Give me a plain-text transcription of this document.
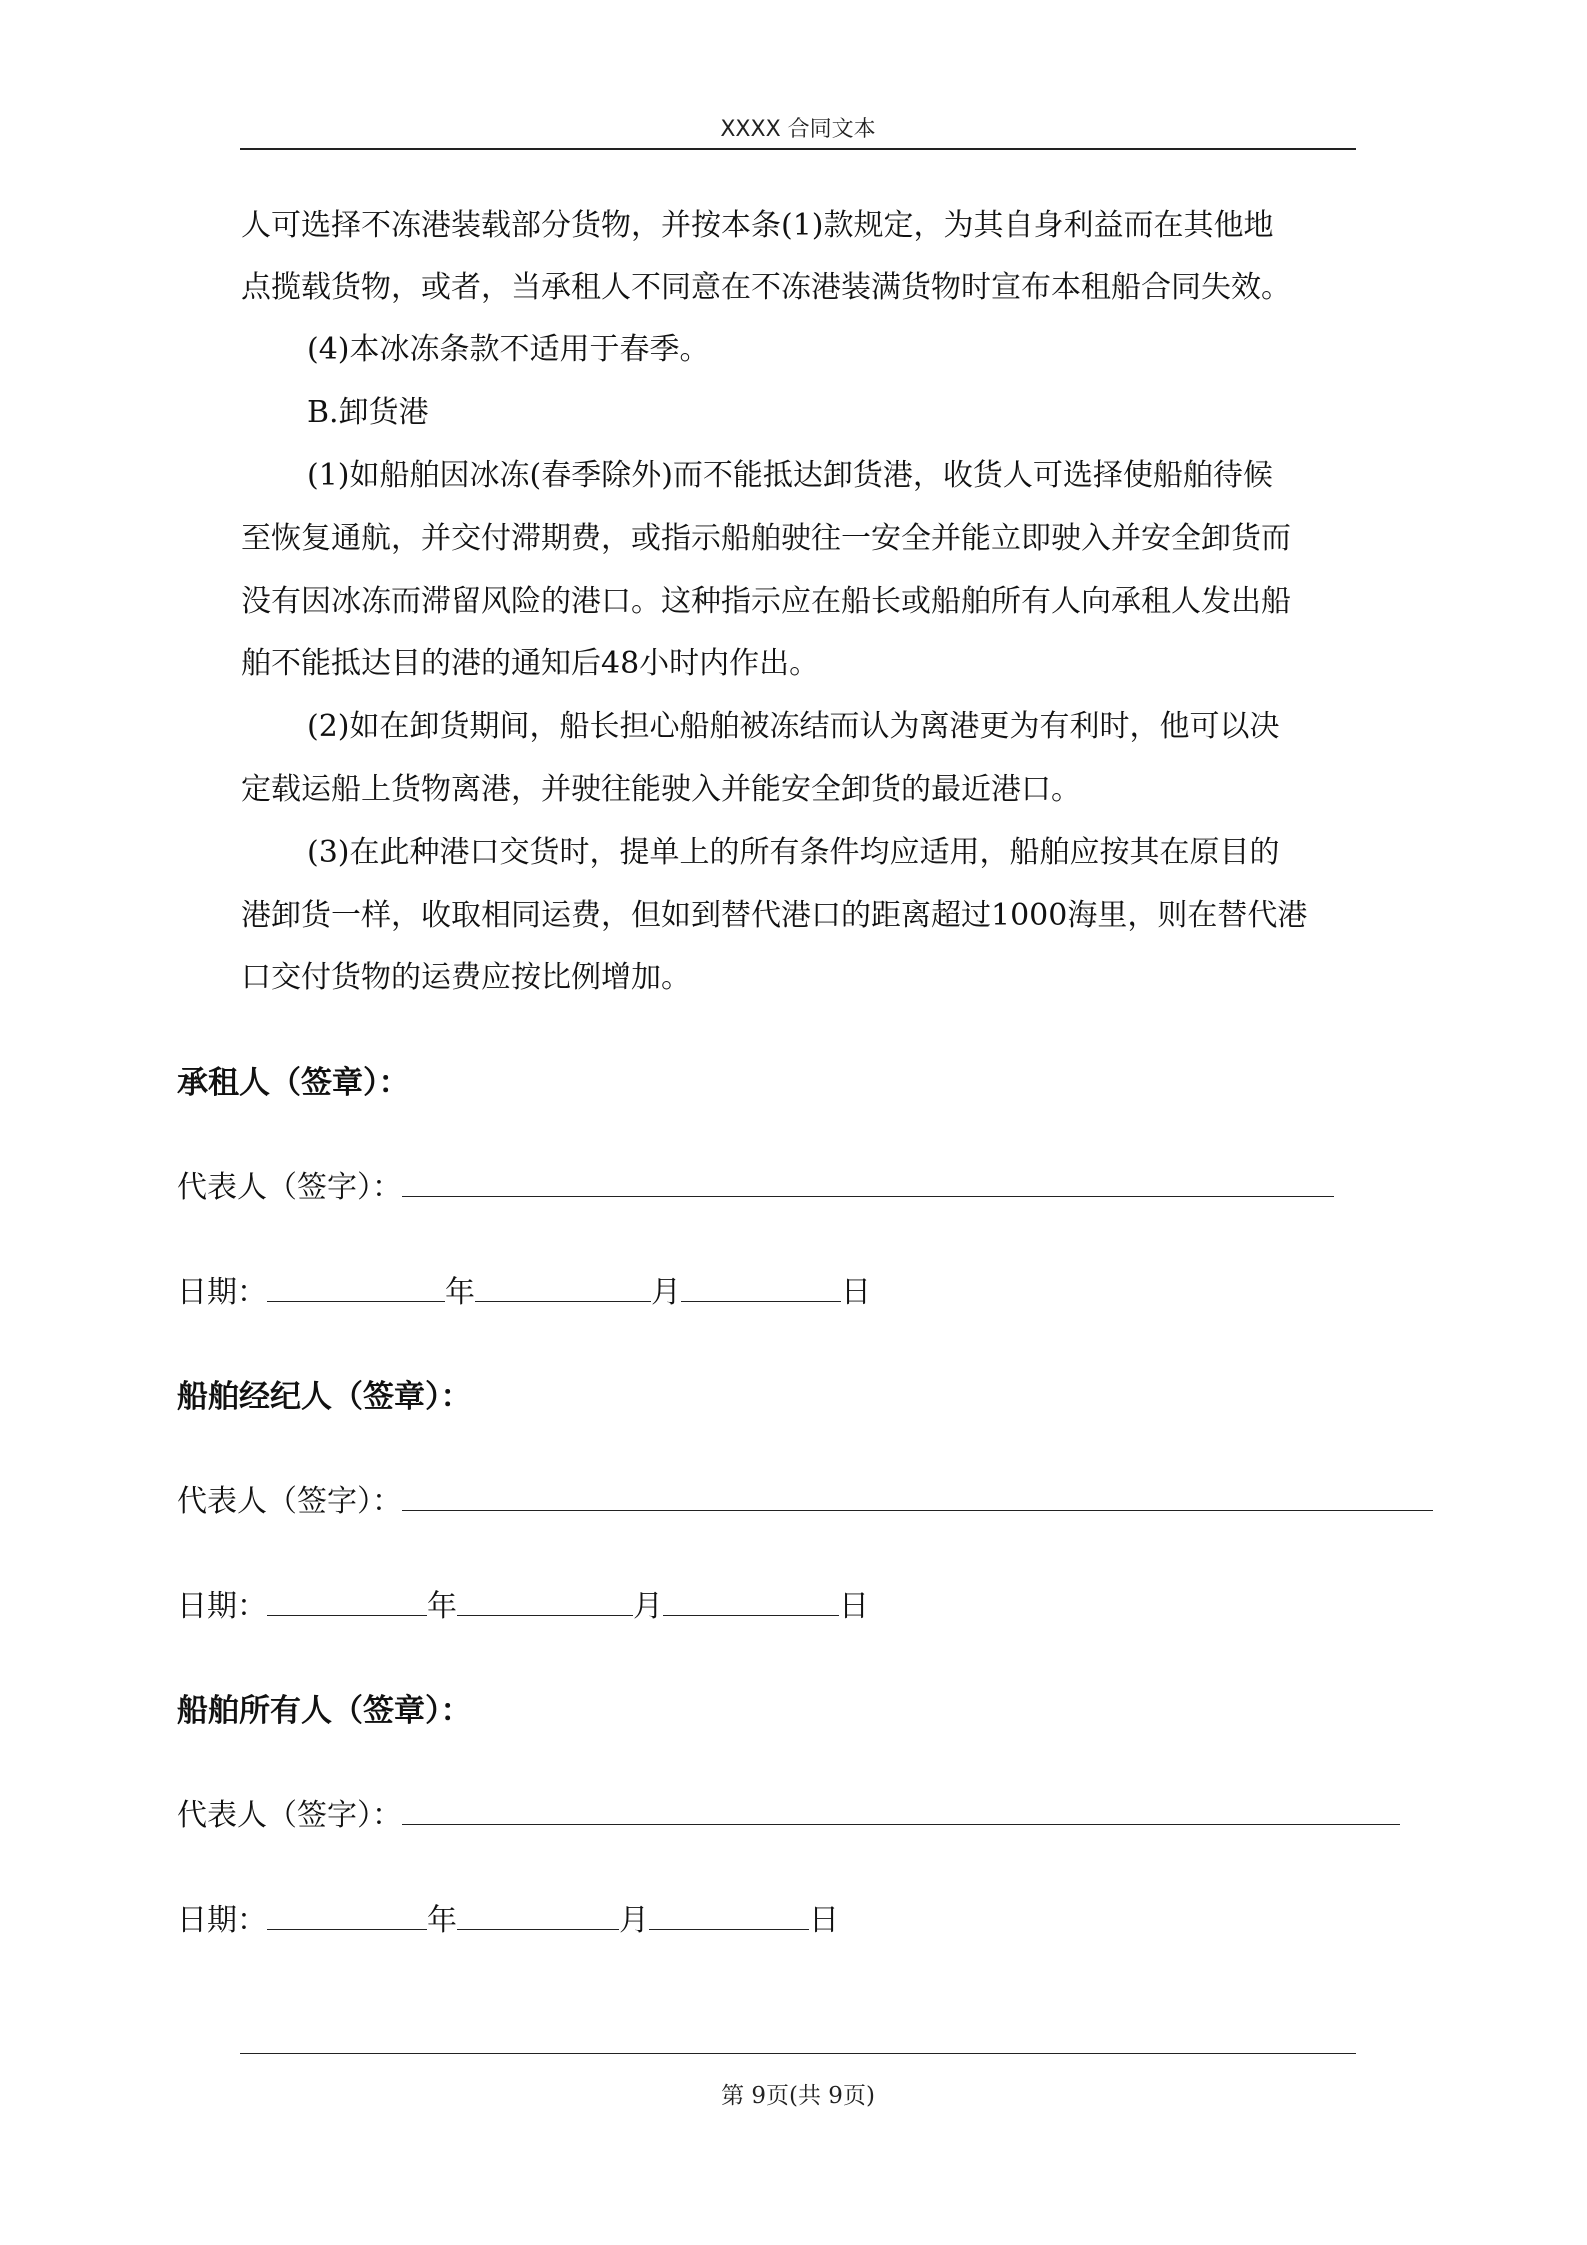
XXXX 合同文本
人可选择不冻港装载部分货物，并按本条(1)款规定，为其自身利益而在其他地
点揽载货物，或者，当承租人不同意在不冻港装满货物时宣布本租船合同失效。
(4)本冰冻条款不适用于春季。
B.卸货港
(1)如船舶因冰冻(春季除外)而不能抵达卸货港，收货人可选择使船舶待候
至恢复通航，并交付滞期费，或指示船舶驶往一安全并能立即驶入并安全卸货而
没有因冰冻而滞留风险的港口。这种指示应在船长或船舶所有人向承租人发出船
舶不能抵达目的港的通知后48小时内作出。
(2)如在卸货期间，船长担心船舶被冻结而认为离港更为有利时，他可以决
定载运船上货物离港，并驶往能驶入并能安全卸货的最近港口。
(3)在此种港口交货时，提单上的所有条件均应适用，船舶应按其在原目的
港卸货一样，收取相同运费，但如到替代港口的距离超过1000海里，则在替代港
口交付货物的运费应按比例增加。
承租人（签章）：
代表人（签字）：
日期：	年	月	日
船舶经纪人（签章）：
代表人（签字）：
日期：	年	月	日
船舶所有人（签章）：
代表人（签字）：
日期：	年	月	日
第 9页(共 9页)
